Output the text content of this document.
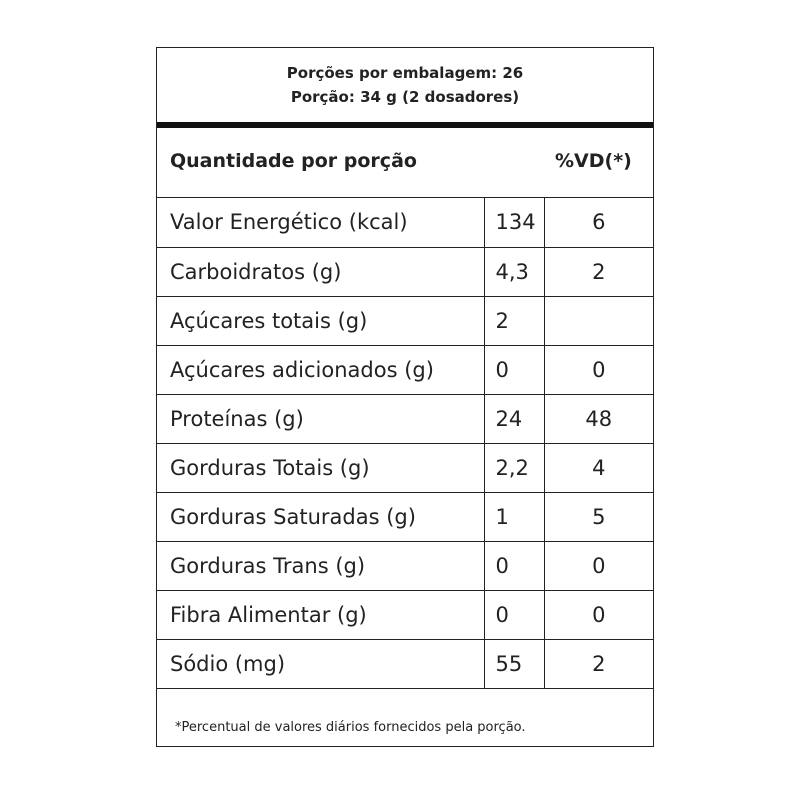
Porções por embalagem: 26
Porção: 34 g (2 dosadores)
Quantidade por porção	%VD(*)
Valor Energético (kcal)	134	6
Carboidratos (g)	4,3	2
Açúcares totais (g)	2	
Açúcares adicionados (g)	0	0
Proteínas (g)	24	48
Gorduras Totais (g)	2,2	4
Gorduras Saturadas (g)	1	5
Gorduras Trans (g)	0	0
Fibra Alimentar (g)	0	0
Sódio (mg)	55	2
*Percentual de valores diários fornecidos pela porção.
